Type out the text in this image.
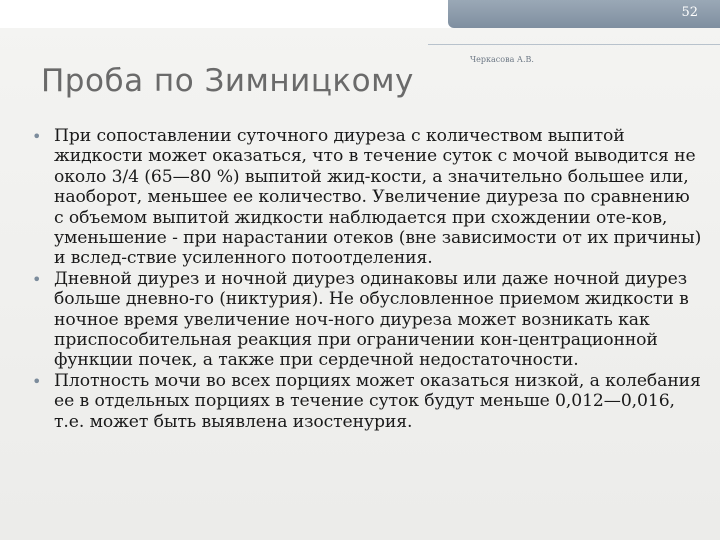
52
Черкасова А.В.
Проба по Зимницкому
• При сопоставлении суточного диуреза с количеством выпитой жидкости может оказаться, что в течение суток с мочой выводится не около 3/4 (65—80 %) выпитой жид-кости, а значительно большее или, наоборот, меньшее ее количество. Увеличение диуреза по сравнению с объемом выпитой жидкости наблюдается при схождении оте-ков, уменьшение - при нарастании отеков (вне зависимости от их причины) и вслед-ствие усиленного потоотделения.
• Дневной диурез и ночной диурез одинаковы или даже ночной диурез больше дневно-го (никтурия). Не обусловленное приемом жидкости в ночное время увеличение ноч-ного диуреза может возникать как приспособительная реакция при ограничении кон-центрационной функции почек, а также при сердечной недостаточности.
• Плотность мочи во всех порциях может оказаться низкой, а колебания ее в отдельных порциях в течение суток будут меньше 0,012—0,016, т.е. может быть выявлена изостенурия.
